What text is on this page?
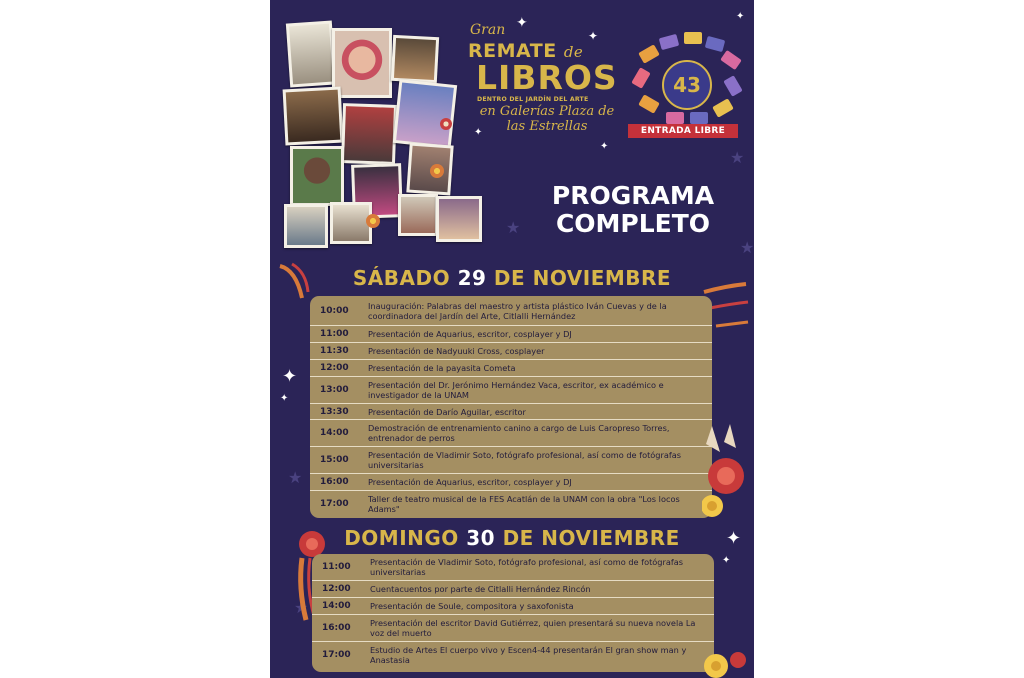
✦
✦
✦
✦
✦
✦
✦
✦
✦
★
★
★
★
★
Gran
REMATE de
LIBROS
DENTRO DEL JARDÍN DEL ARTE
en Galerías Plaza de las Estrellas
43
ENTRADA LIBRE
PROGRAMA COMPLETO
SÁBADO 29 DE NOVIEMBRE
10:00	Inauguración: Palabras del maestro y artista plástico Iván Cuevas y de la coordinadora del Jardín del Arte, Citlalli Hernández
11:00	Presentación de Aquarius, escritor, cosplayer y DJ
11:30	Presentación de Nadyuuki Cross, cosplayer
12:00	Presentación de la payasita Cometa
13:00	Presentación del Dr. Jerónimo Hernández Vaca, escritor, ex académico e investigador de la UNAM
13:30	Presentación de Darío Aguilar, escritor
14:00	Demostración de entrenamiento canino a cargo de Luis Caropreso Torres, entrenador de perros
15:00	Presentación de Vladimir Soto, fotógrafo profesional, así como de fotógrafas universitarias
16:00	Presentación de Aquarius, escritor, cosplayer y DJ
17:00	Taller de teatro musical de la FES Acatlán de la UNAM con la obra "Los locos Adams"
DOMINGO 30 DE NOVIEMBRE
11:00	Presentación de Vladimir Soto, fotógrafo profesional, así como de fotógrafas universitarias
12:00	Cuentacuentos por parte de Citlalli Hernández Rincón
14:00	Presentación de Soule, compositora y saxofonista
16:00	Presentación del escritor David Gutiérrez, quien presentará su nueva novela La voz del muerto
17:00	Estudio de Artes El cuerpo vivo y Escen4-44 presentarán El gran show man y Anastasia
